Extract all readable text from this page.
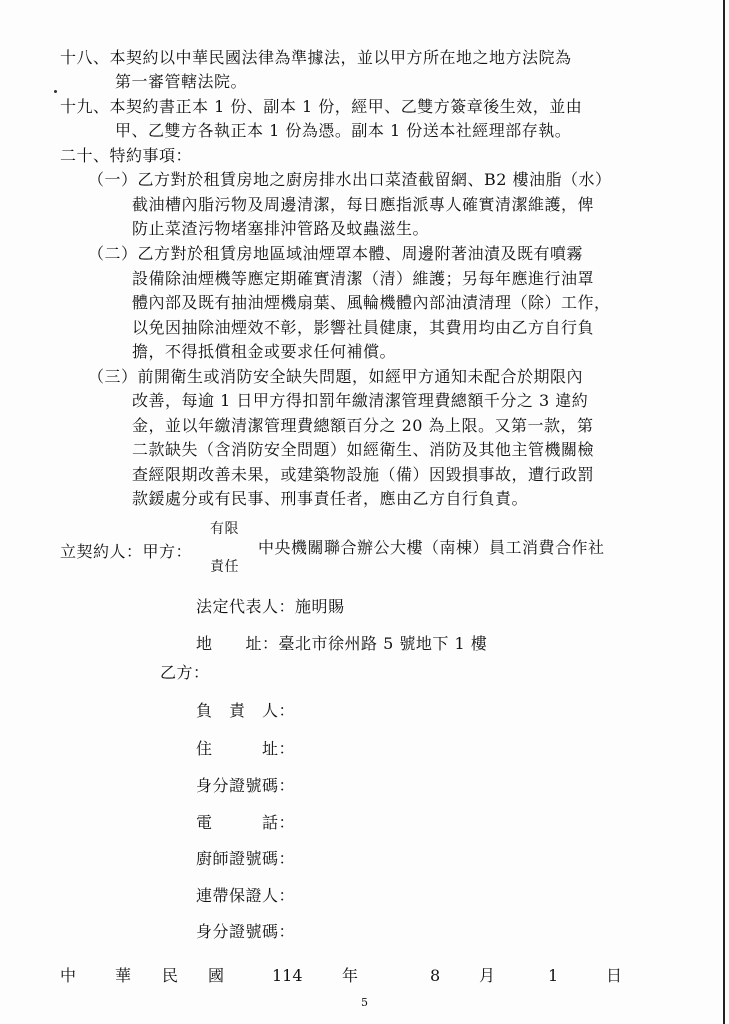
十八、本契約以中華民國法律為準據法，並以甲方所在地之地方法院為
第一審管轄法院。
十九、本契約書正本 1 份、副本 1 份，經甲、乙雙方簽章後生效，並由
甲、乙雙方各執正本 1 份為憑。副本 1 份送本社經理部存執。
二十、特約事項：
（一）乙方對於租賃房地之廚房排水出口菜渣截留網、B2 樓油脂（水）
截油槽內脂污物及周邊清潔，每日應指派專人確實清潔維護，俾
防止菜渣污物堵塞排沖管路及蚊蟲滋生。
（二）乙方對於租賃房地區域油煙罩本體、周邊附著油漬及既有噴霧
設備除油煙機等應定期確實清潔（清）維護；另每年應進行油罩
體內部及既有抽油煙機扇葉、風輪機體內部油漬清理（除）工作，
以免因抽除油煙效不彰，影響社員健康，其費用均由乙方自行負
擔，不得抵償租金或要求任何補償。
（三）前開衛生或消防安全缺失問題，如經甲方通知未配合於期限內
改善，每逾 1 日甲方得扣罰年繳清潔管理費總額千分之 3 違約
金，並以年繳清潔管理費總額百分之 20 為上限。又第一款，第
二款缺失（含消防安全問題）如經衛生、消防及其他主管機關檢
查經限期改善未果，或建築物設施（備）因毀損事故，遭行政罰
款鍰處分或有民事、刑事責任者，應由乙方自行負責。
立契約人：甲方：
有限
責任
中央機關聯合辦公大樓（南棟）員工消費合作社
法定代表人：施明賜
地　　址：臺北市徐州路 5 號地下 1 樓
乙方：
負　責　人：
住　　　址：
身分證號碼：
電　　　話：
廚師證號碼：
連帶保證人：
身分證號碼：
中 華 民 國	114 年	8 月	1	日
5
